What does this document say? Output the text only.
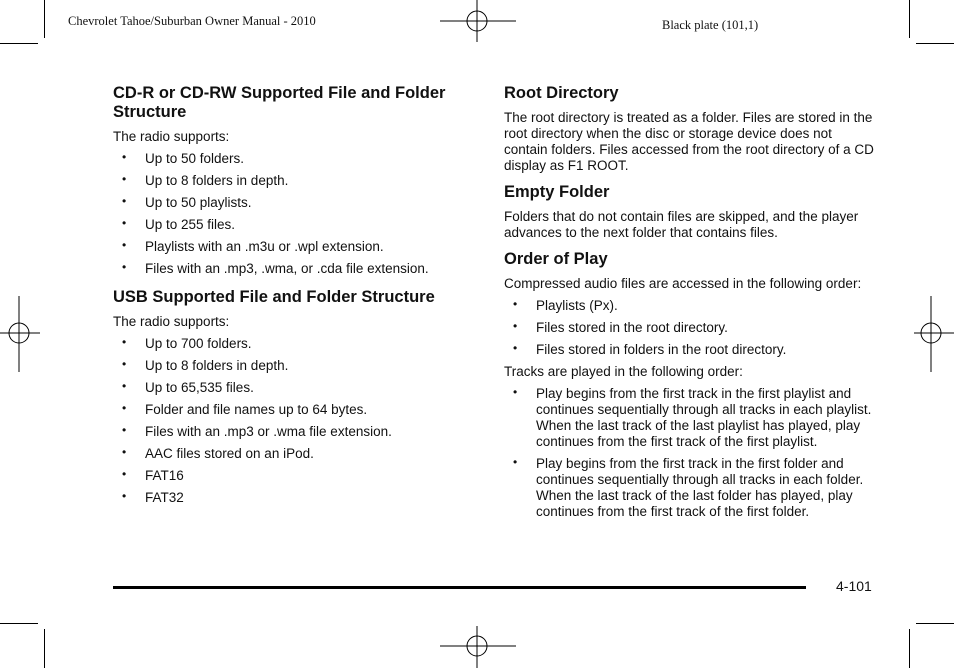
Chevrolet Tahoe/Suburban Owner Manual - 2010	Black plate (101,1)
CD-R or CD-RW Supported File and Folder Structure

The radio supports:

• Up to 50 folders.
• Up to 8 folders in depth.
• Up to 50 playlists.
• Up to 255 files.
• Playlists with an .m3u or .wpl extension.
• Files with an .mp3, .wma, or .cda file extension.
USB Supported File and Folder Structure

The radio supports:

• Up to 700 folders.
• Up to 8 folders in depth.
• Up to 65,535 files.
• Folder and file names up to 64 bytes.
• Files with an .mp3 or .wma file extension.
• AAC files stored on an iPod.
• FAT16
• FAT32
Root Directory

The root directory is treated as a folder. Files are stored in the root directory when the disc or storage device does not contain folders. Files accessed from the root directory of a CD display as F1 ROOT.

Empty Folder

Folders that do not contain files are skipped, and the player advances to the next folder that contains files.

Order of Play

Compressed audio files are accessed in the following order:

• Playlists (Px).
• Files stored in the root directory.
• Files stored in folders in the root directory.

Tracks are played in the following order:

• Play begins from the first track in the first playlist and continues sequentially through all tracks in each playlist. When the last track of the last playlist has played, play continues from the first track of the first playlist.
• Play begins from the first track in the first folder and continues sequentially through all tracks in each folder. When the last track of the last folder has played, play continues from the first track of the first folder.
4-101
